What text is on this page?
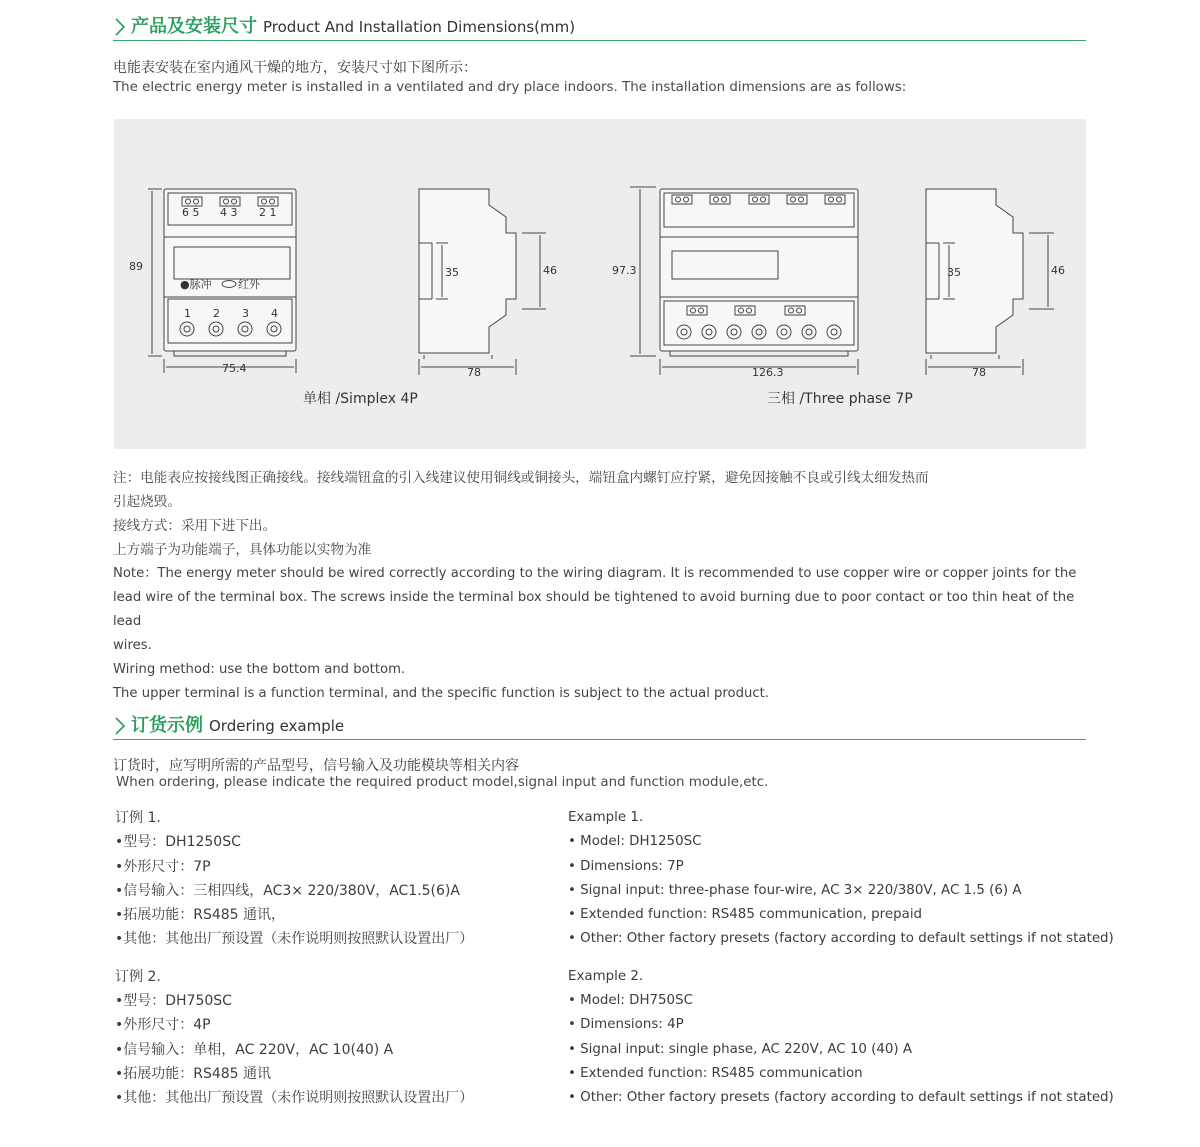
产品及安装尺寸 Product And Installation Dimensions(mm)
电能表安装在室内通风干燥的地方，安装尺寸如下图所示：
The electric energy meter is installed in a ventilated and dry place indoors. The installation dimensions are as follows:
6 5 4 3 2 1
●脉冲 红外
1 2 3 4
89
75.4
35	46
78
97.3
126.3
35	46
78
单相 /Simplex 4P	三相 /Three phase 7P
注：电能表应按接线图正确接线。接线端钮盒的引入线建议使用铜线或铜接头，端钮盒内螺钉应拧紧，避免因接触不良或引线太细发热而
引起烧毁。
接线方式：采用下进下出。
上方端子为功能端子，具体功能以实物为准
Note：The energy meter should be wired correctly according to the wiring diagram. It is recommended to use copper wire or copper joints for the
lead wire of the terminal box. The screws inside the terminal box should be tightened to avoid burning due to poor contact or too thin heat of the lead
wires.
Wiring method: use the bottom and bottom.
The upper terminal is a function terminal, and the specific function is subject to the actual product.
订货示例 Ordering example
订货时，应写明所需的产品型号，信号输入及功能模块等相关内容
When ordering, please indicate the required product model,signal input and function module,etc.
订例 1.
•型号：DH1250SC
•外形尺寸：7P
•信号输入：三相四线，AC3× 220/380V，AC1.5(6)A
•拓展功能：RS485 通讯，
•其他：其他出厂预设置（未作说明则按照默认设置出厂）
订例 2.
•型号：DH750SC
•外形尺寸：4P
•信号输入：单相，AC 220V，AC 10(40) A
•拓展功能：RS485 通讯
•其他：其他出厂预设置（未作说明则按照默认设置出厂）
Example 1.
• Model: DH1250SC
• Dimensions: 7P
• Signal input: three-phase four-wire, AC 3× 220/380V, AC 1.5 (6) A
• Extended function: RS485 communication, prepaid
• Other: Other factory presets (factory according to default settings if not stated)
Example 2.
• Model: DH750SC
• Dimensions: 4P
• Signal input: single phase, AC 220V, AC 10 (40) A
• Extended function: RS485 communication
• Other: Other factory presets (factory according to default settings if not stated)
